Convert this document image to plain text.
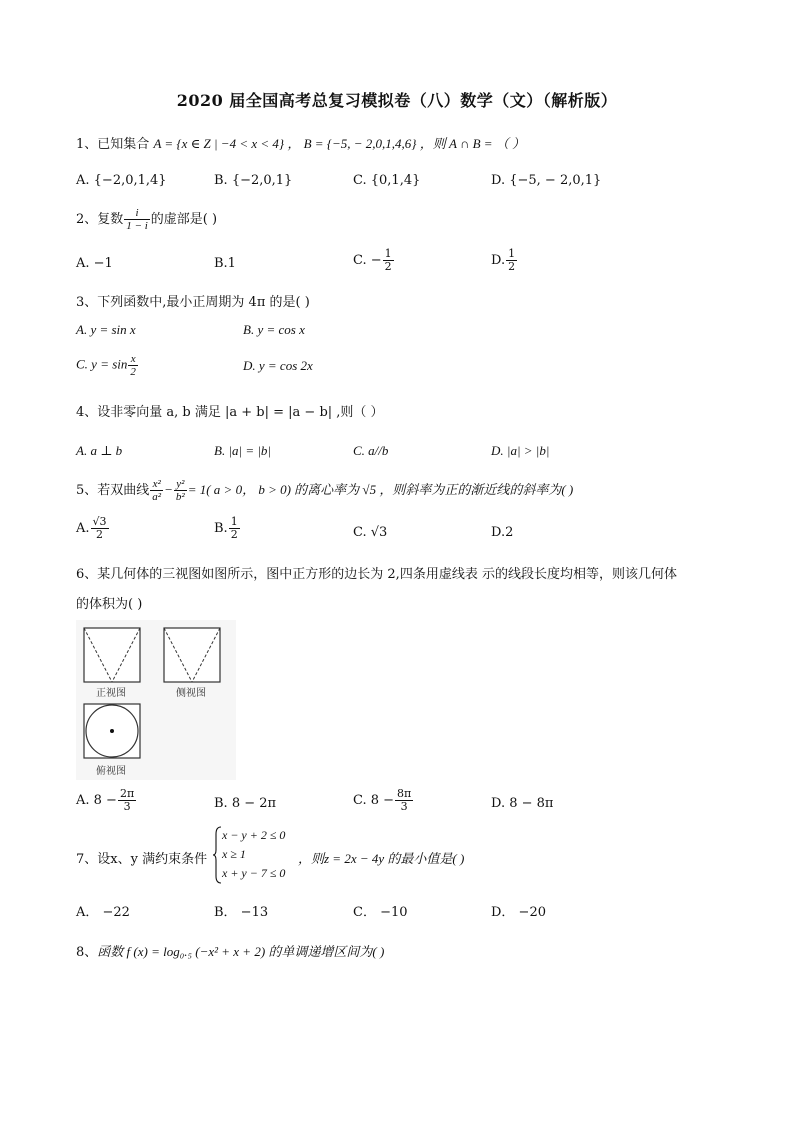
2020 届全国高考总复习模拟卷（八）数学（文）（解析版）
1、已知集合 A = {x ∈ Z | −4 < x < 4} ， B = {−5, − 2,0,1,4,6} ，则 A ∩ B = （ ）
A. {−2,0,1,4}	B. {−2,0,1}	C. {0,1,4}	D. {−5, − 2,0,1}
2、复数 $\frac{i}{1 - i}$ 的虚部是( )
A. −1	B.1	C. − $\frac{1}{2}$	D. $\frac{1}{2}$
3、下列函数中,最小正周期为 4π 的是( )
A. y = sin x	B. y = cos x
C. $y = \sin \frac{x}{2}$	D. y = cos 2x
4、设非零向量 a, b 满足 |a + b| = |a − b| ,则（ ）
A. a ⊥ b	B. |a| = |b|	C. a//b	D. |a| > |b|
5、若双曲线 $\frac{\text{x²}}{\text{a²}} - \frac{\text{y²}}{\text{b²}} = 1$( a > 0， b > 0) 的离心率为 √5 ，则斜率为正的渐近线的斜率为( )
A. $\frac{√3}{2}$	B. $\frac{1}{2}$	C. √3	D.2
6、某几何体的三视图如图所示，图中正方形的边长为 2,四条用虚线表 示的线段长度均相等，则该几何体
的体积为( )
正视图	侧视图
俯视图
A. $8 - \frac{2\pi}{3}$	B. 8 − 2π	C. $8 - \frac{8\pi}{3}$	D. 8 − 8π
7、设x、y 满约束条件
x − y + 2 ≤ 0
x ≥ 1
x + y − 7 ≤ 0
，则z = 2x − 4y 的最小值是( )
A． −22	B． −13	C． −10	D． −20
8、函数 f (x) = log₀.₅ (−x² + x + 2) 的单调递增区间为( )
